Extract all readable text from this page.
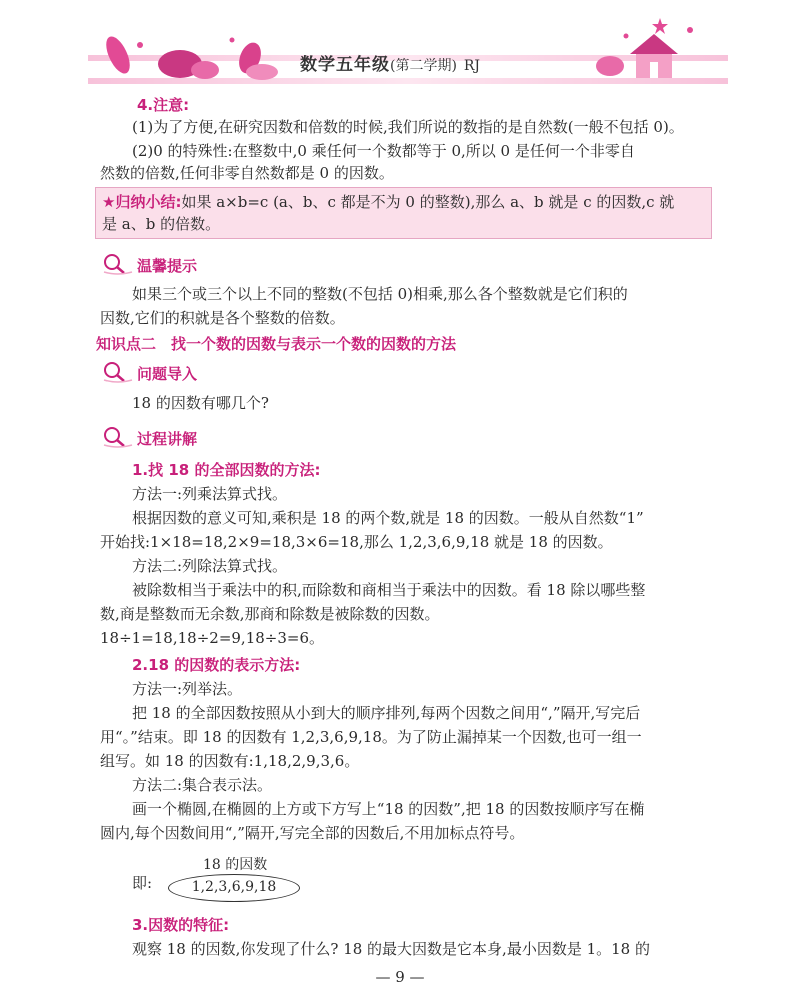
数学五年级(第二学期) RJ
4.注意:
(1)为了方便,在研究因数和倍数的时候,我们所说的数指的是自然数(一般不包括 0)。
(2)0 的特殊性:在整数中,0 乘任何一个数都等于 0,所以 0 是任何一个非零自
然数的倍数,任何非零自然数都是 0 的因数。
★归纳小结:如果 a×b=c (a、b、c 都是不为 0 的整数),那么 a、b 就是 c 的因数,c 就
是 a、b 的倍数。
温馨提示
如果三个或三个以上不同的整数(不包括 0)相乘,那么各个整数就是它们积的
因数,它们的积就是各个整数的倍数。
知识点二　找一个数的因数与表示一个数的因数的方法
问题导入
18 的因数有哪几个?
过程讲解
1.找 18 的全部因数的方法:
方法一:列乘法算式找。
根据因数的意义可知,乘积是 18 的两个数,就是 18 的因数。一般从自然数“1”
开始找:1×18=18,2×9=18,3×6=18,那么 1,2,3,6,9,18 就是 18 的因数。
方法二:列除法算式找。
被除数相当于乘法中的积,而除数和商相当于乘法中的因数。看 18 除以哪些整
数,商是整数而无余数,那商和除数是被除数的因数。
18÷1=18,18÷2=9,18÷3=6。
2.18 的因数的表示方法:
方法一:列举法。
把 18 的全部因数按照从小到大的顺序排列,每两个因数之间用“,”隔开,写完后
用“。”结束。即 18 的因数有 1,2,3,6,9,18。为了防止漏掉某一个因数,也可一组一
组写。如 18 的因数有:1,18,2,9,3,6。
方法二:集合表示法。
画一个椭圆,在椭圆的上方或下方写上“18 的因数”,把 18 的因数按顺序写在椭
圆内,每个因数间用“,”隔开,写完全部的因数后,不用加标点符号。
即:
18 的因数
1,2,3,6,9,18
3.因数的特征:
观察 18 的因数,你发现了什么? 18 的最大因数是它本身,最小因数是 1。18 的
— 9 —
